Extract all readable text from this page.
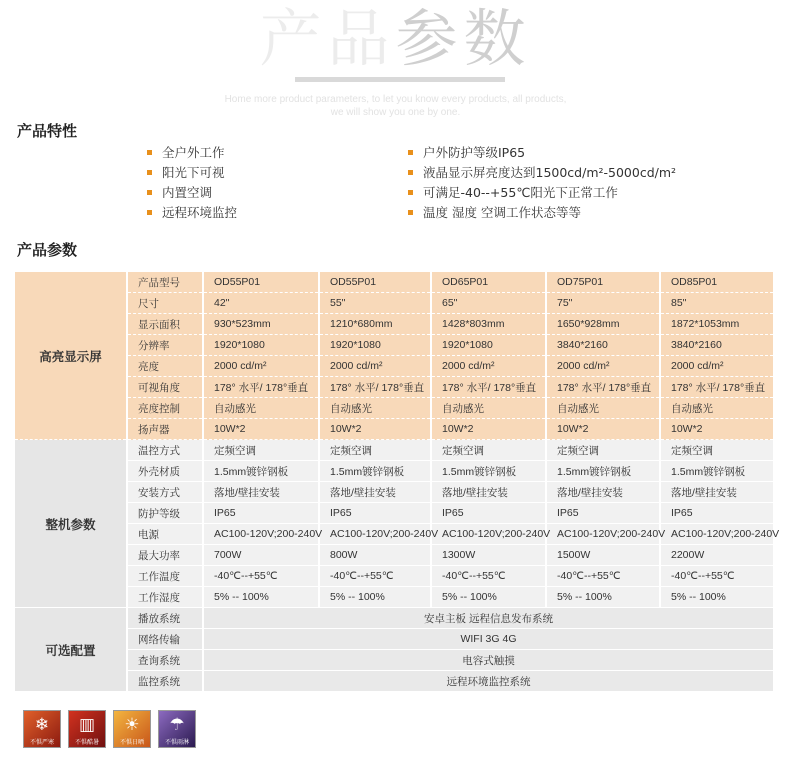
产品参数
Home more product parameters, to let you know every products, all products,
we will show you one by one.
产品特性
全户外工作
阳光下可视
内置空调
远程环境监控
户外防护等级IP65
液晶显示屏亮度达到1500cd/m²-5000cd/m²
可满足-40--+55℃阳光下正常工作
温度 湿度 空调工作状态等等
产品参数
高亮显示屏	产品型号	OD55P01	OD55P01	OD65P01	OD75P01	OD85P01
	尺寸	42"	55"	65"	75"	85"
	显示面积	930*523mm	1210*680mm	1428*803mm	1650*928mm	1872*1053mm
	分辨率	1920*1080	1920*1080	1920*1080	3840*2160	3840*2160
	亮度	2000 cd/m²	2000 cd/m²	2000 cd/m²	2000 cd/m²	2000 cd/m²
	可视角度	178° 水平/ 178°垂直	178° 水平/ 178°垂直	178° 水平/ 178°垂直	178° 水平/ 178°垂直	178° 水平/ 178°垂直
	亮度控制	自动感光	自动感光	自动感光	自动感光	自动感光
	扬声器	10W*2	10W*2	10W*2	10W*2	10W*2
整机参数	温控方式	定频空调	定频空调	定频空调	定频空调	定频空调
	外壳材质	1.5mm镀锌钢板	1.5mm镀锌钢板	1.5mm镀锌钢板	1.5mm镀锌钢板	1.5mm镀锌钢板
	安装方式	落地/壁挂安装	落地/壁挂安装	落地/壁挂安装	落地/壁挂安装	落地/壁挂安装
	防护等级	IP65	IP65	IP65	IP65	IP65
	电源	AC100-120V;200-240V	AC100-120V;200-240V	AC100-120V;200-240V	AC100-120V;200-240V	AC100-120V;200-240V
	最大功率	700W	800W	1300W	1500W	2200W
	工作温度	-40℃--+55℃	-40℃--+55℃	-40℃--+55℃	-40℃--+55℃	-40℃--+55℃
	工作湿度	5% -- 100%	5% -- 100%	5% -- 100%	5% -- 100%	5% -- 100%
可选配置	播放系统	安卓主板 远程信息发布系统				
	网络传输	WIFI 3G 4G				
	查询系统	电容式触摸				
	监控系统	远程环境监控系统				
❄
不惧严寒
▥
不惧酷暑
☀
不惧日晒
☂
不惧雨淋
